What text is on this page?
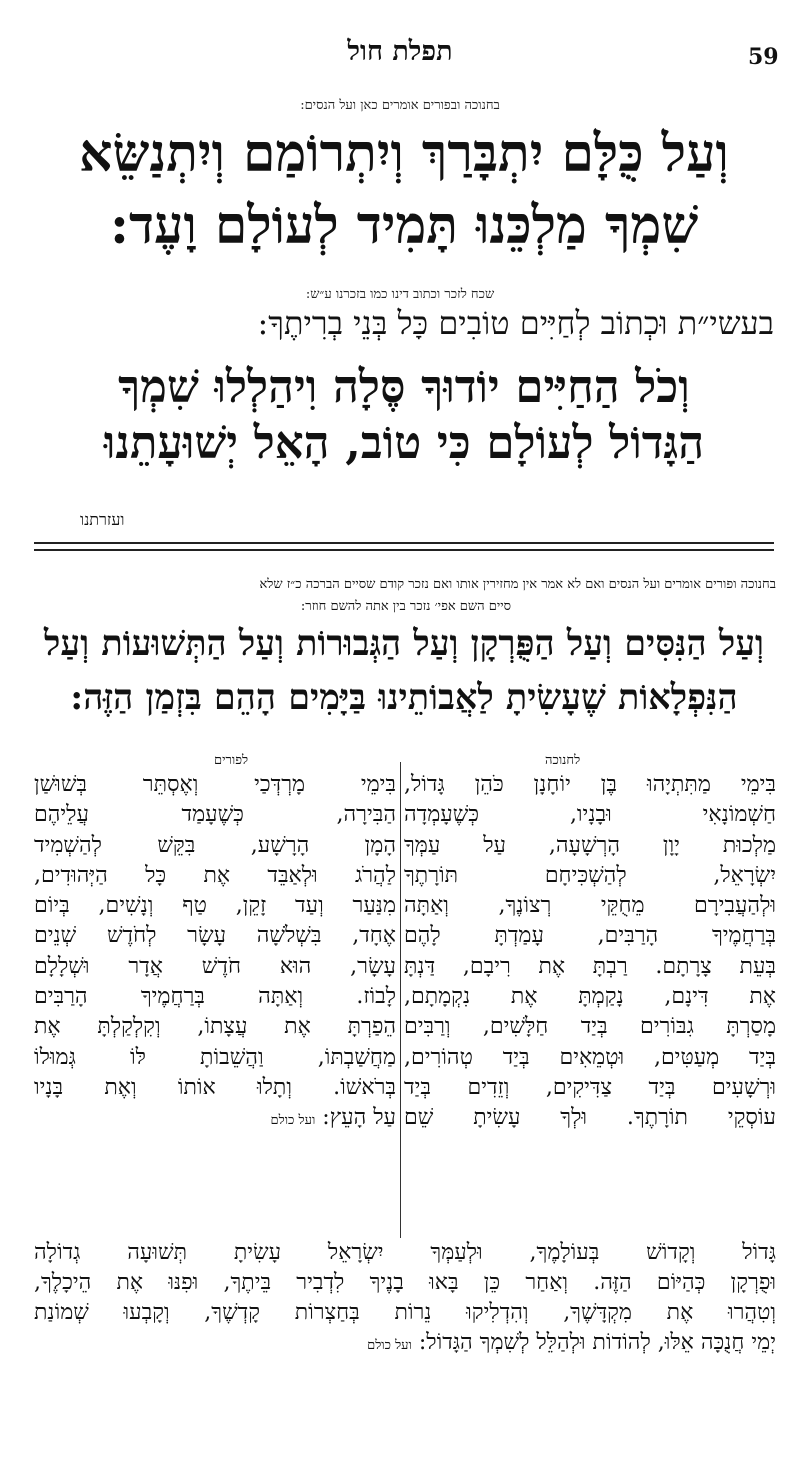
59
תפלת חול
בחנוכה ובפורים אומרים כאן ועל הנסים:
וְעַל כֻּלָּם יִתְבָּרַךְ וְיִתְרוֹמַם וְיִתְנַשֵּׂא
שִׁמְךָ מַלְכֵּנוּ תָּמִיד לְעוֹלָם וָעֶד:
שכח לזכר וכתוב דינו כמו בזכרנו ע״ש:
בעשי״ת וּכְתוֹב לְחַיִּים טוֹבִים כָּל בְּנֵי בְרִיתֶךָ:
וְכֹל הַחַיִּים יוֹדוּךָ סֶּלָה וִיהַלְלוּ שִׁמְךָ
הַגָּדוֹל לְעוֹלָם כִּי טוֹב, הָאֵל יְשׁוּעָתֵנוּ
ועזרתנו
בחנוכה ופורים אומרים ועל הנסים ואם לא אמר אין מחזירין אותו ואם נזכר קודם שסיים הברכה כ״ז שלא
סיים השם אפי׳ נזכר בין אתה להשם חוזר:
וְעַל הַנִּסִּים וְעַל הַפֻּרְקָן וְעַל הַגְּבוּרוֹת וְעַל הַתְּשׁוּעוֹת וְעַל
הַנִּפְלָאוֹת שֶׁעָשִׂיתָ לַאֲבוֹתֵינוּ בַּיָּמִים הָהֵם בִּזְמַן הַזֶּה:
לחנוכה
לפורים
בִּימֵי מַתִּתְיָהוּ בֶּן יוֹחָנָן כֹּהֵן גָּדוֹל,
חַשְׁמוֹנָאִי וּבָנָיו, כְּשֶׁעָמְדָה
מַלְכוּת יָוָן הָרְשָׁעָה, עַל עַמְּךָ
יִשְׂרָאֵל, לְהַשְׁכִּיחָם תּוֹרָתֶךָ
וּלְהַעֲבִירָם מֵחֻקֵּי רְצוֹנֶךָ, וְאַתָּה
בְּרַחֲמֶיךָ הָרַבִּים, עָמַדְתָּ לָהֶם
בְּעֵת צָרָתָם. רַבְתָּ אֶת רִיבָם, דַּנְתָּ
אֶת דִּינָם, נָקַמְתָּ אֶת נִקְמָתָם,
מָסַרְתָּ גִבּוֹרִים בְּיַד חַלָּשִׁים, וְרַבִּים
בְּיַד מְעַטִּים, וּטְמֵאִים בְּיַד טְהוֹרִים,
וּרְשָׁעִים בְּיַד צַדִּיקִים, וְזֵדִים בְּיַד
עוֹסְקֵי תוֹרָתֶךָ. וּלְךָ עָשִׂיתָ שֵׁם
בִּימֵי מָרְדְּכַי וְאֶסְתֵּר בְּשׁוּשַׁן
הַבִּירָה, כְּשֶׁעָמַד עֲלֵיהֶם
הָמָן הָרָשָׁע, בִּקֵּשׁ לְהַשְׁמִיד
לַהֲרֹג וּלְאַבֵּד אֶת כָּל הַיְּהוּדִים,
מִנַּעַר וְעַד זָקֵן, טַף וְנָשִׁים, בְּיוֹם
אֶחָד, בִּשְׁלֹשָׁה עָשָׂר לְחֹדֶשׁ שְׁנֵים
עָשָׂר, הוּא חֹדֶשׁ אֲדָר וּשְׁלָלָם
לָבוֹז. וְאַתָּה בְּרַחֲמֶיךָ הָרַבִּים
הֵפַרְתָּ אֶת עֲצָתוֹ, וְקִלְקַלְתָּ אֶת
מַחֲשַׁבְתּוֹ, וַהֲשֵׁבוֹתָ לּוֹ גְּמוּלוֹ
בְּרֹאשׁוֹ. וְתָלוּ אוֹתוֹ וְאֶת בָּנָיו
עַל הָעֵץ: ועל כולם
גָּדוֹל וְקָדוֹשׁ בְּעוֹלָמֶךָ, וּלְעַמְּךָ יִשְׂרָאֵל עָשִׂיתָ תְּשׁוּעָה גְדוֹלָה
וּפֻרְקָן כְּהַיּוֹם הַזֶּה. וְאַחַר כֵּן בָּאוּ בָנֶיךָ לִדְבִיר בֵּיתֶךָ, וּפִנּוּ אֶת הֵיכָלֶךָ,
וְטִהֲרוּ אֶת מִקְדָּשֶׁךָ, וְהִדְלִיקוּ נֵרוֹת בְּחַצְרוֹת קָדְשֶׁךָ, וְקָבְעוּ שְׁמוֹנַת
יְמֵי חֲנֻכָּה אֵלּוּ, לְהוֹדוֹת וּלְהַלֵּל לְשִׁמְךָ הַגָּדוֹל: ועל כולם
